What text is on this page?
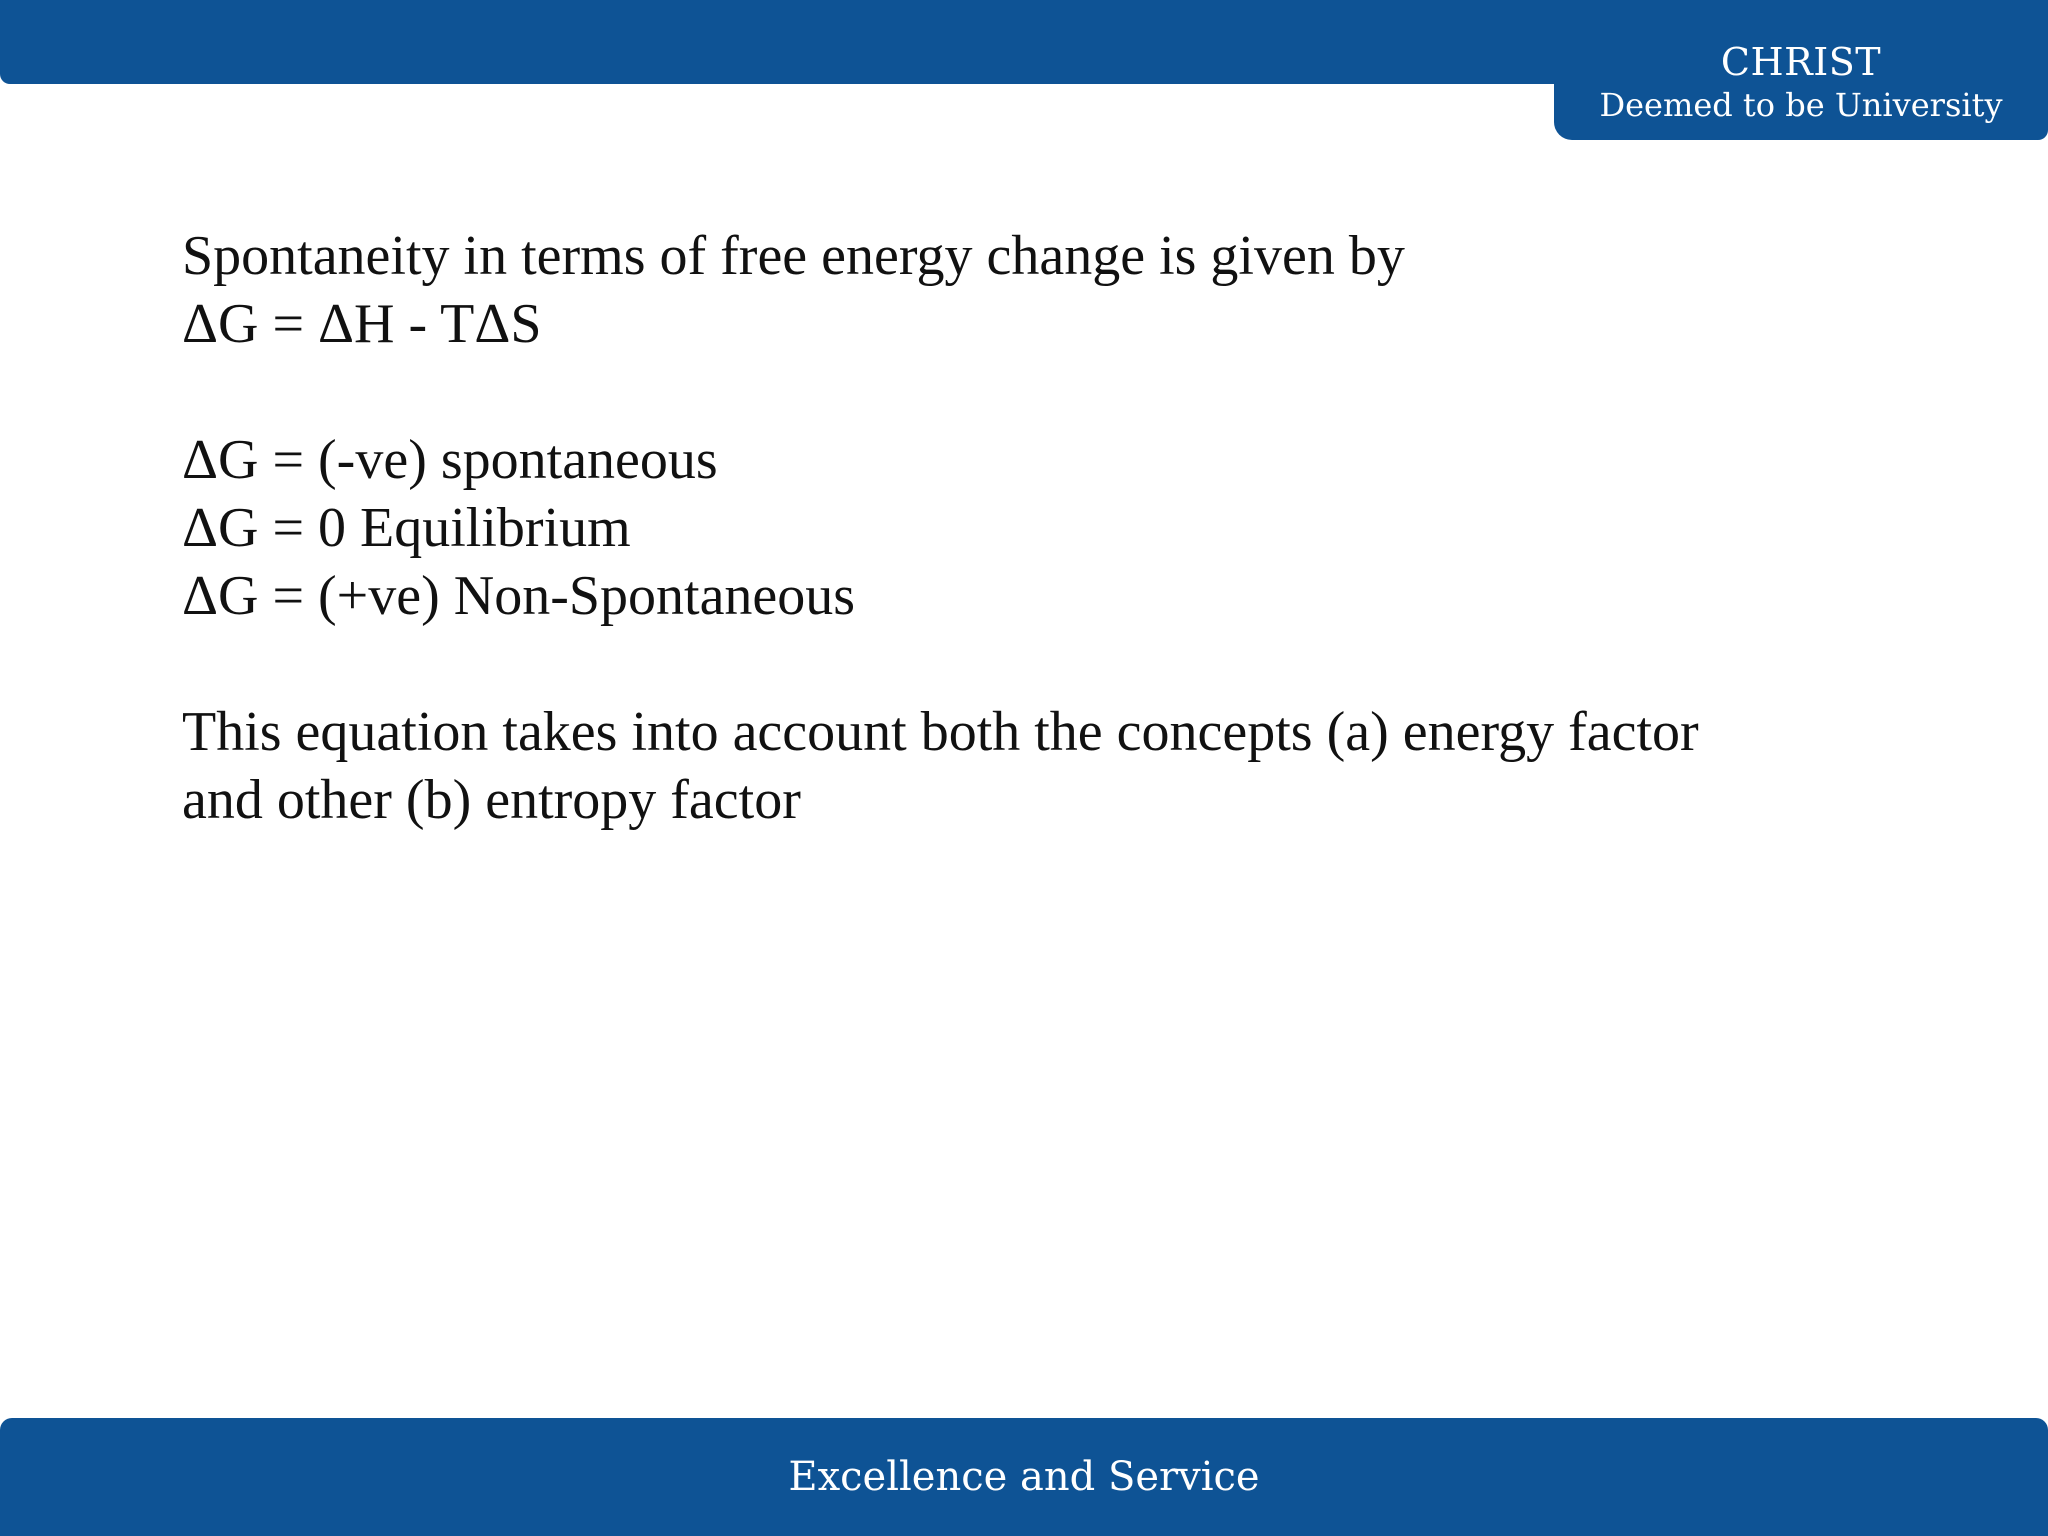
CHRIST
Deemed to be University
Spontaneity in terms of free energy change is given by
ΔG = ΔH - TΔS
ΔG = (-ve) spontaneous
ΔG = 0 Equilibrium
ΔG = (+ve) Non-Spontaneous
This equation takes into account both the concepts (a) energy factor
and other (b) entropy factor
Excellence and Service
